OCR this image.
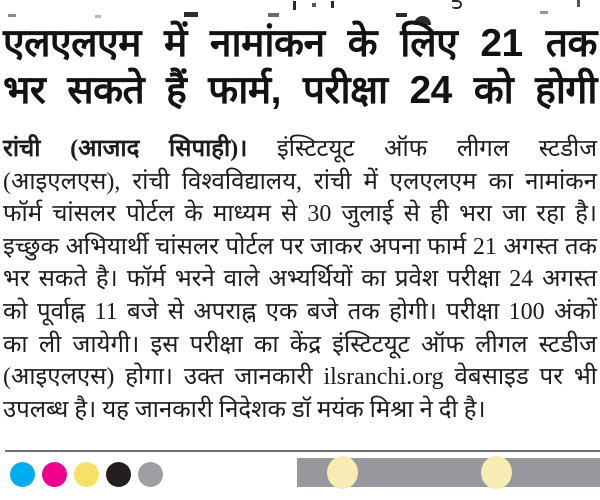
एलएलएम में नामांकन के लिए 21 तक
भर सकते हैं फार्म, परीक्षा 24 को होगी
रांची (आजाद सिपाही)। इंस्टिटयूट ऑफ लीगल स्टडीज
(आइएलएस), रांची विश्वविद्यालय, रांची में एलएलएम का नामांकन
फॉर्म चांसलर पोर्टल के माध्यम से 30 जुलाई से ही भरा जा रहा है।
इच्छुक अभियार्थी चांसलर पोर्टल पर जाकर अपना फार्म 21 अगस्त तक
भर सकते है। फॉर्म भरने वाले अभ्यर्थियों का प्रवेश परीक्षा 24 अगस्त
को पूर्वाह्न 11 बजे से अपराह्न एक बजे तक होगी। परीक्षा 100 अंकों
का ली जायेगी। इस परीक्षा का केंद्र इंस्टिटयूट ऑफ लीगल स्टडीज
(आइएलएस) होगा। उक्त जानकारी ilsranchi.org वेबसाइड पर भी
उपलब्ध है। यह जानकारी निदेशक डॉ मयंक मिश्रा ने दी है।
